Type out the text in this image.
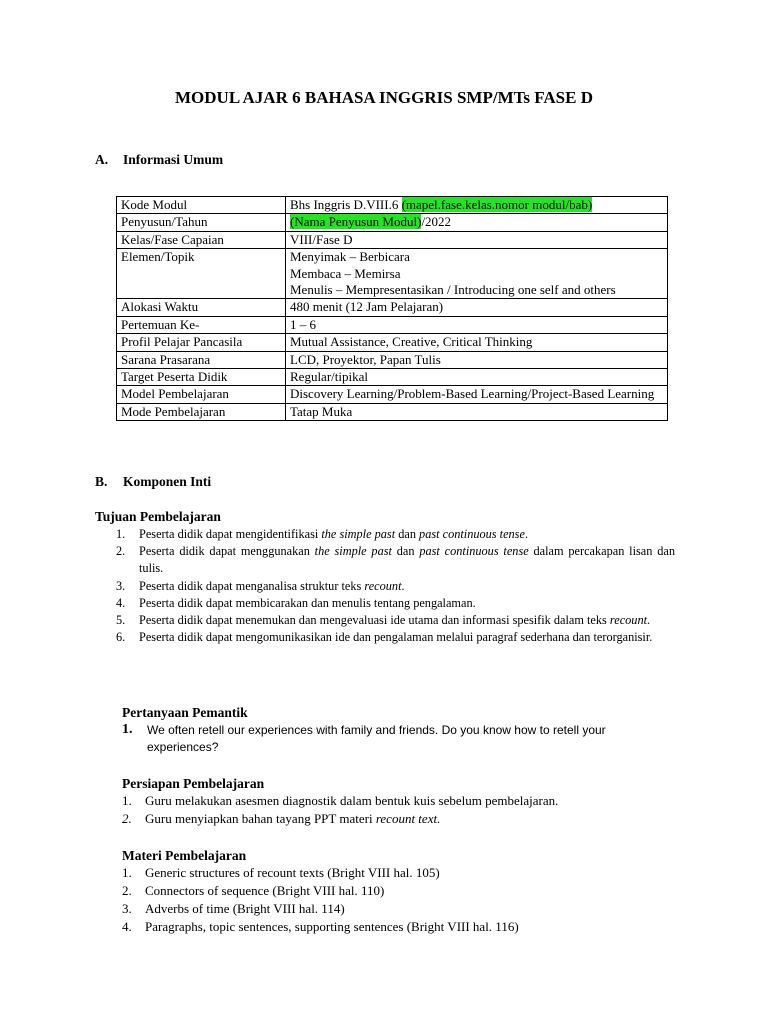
MODUL AJAR 6 BAHASA INGGRIS SMP/MTs FASE D
A. Informasi Umum
Kode Modul	Bhs Inggris D.VIII.6 (mapel.fase.kelas.nomor modul/bab)
Penyusun/Tahun	(Nama Penyusun Modul)/2022
Kelas/Fase Capaian	VIII/Fase D
Elemen/Topik	Menyimak – Berbicara
Membaca – Memirsa
Menulis – Mempresentasikan / Introducing one self and others

Alokasi Waktu	480 menit (12 Jam Pelajaran)
Pertemuan Ke-	1 – 6
Profil Pelajar Pancasila	Mutual Assistance, Creative, Critical Thinking
Sarana Prasarana	LCD, Proyektor, Papan Tulis
Target Peserta Didik	Regular/tipikal
Model Pembelajaran	Discovery Learning/Problem-Based Learning/Project-Based Learning
Mode Pembelajaran	Tatap Muka
B. Komponen Inti
Tujuan Pembelajaran
1. Peserta didik dapat mengidentifikasi the simple past dan past continuous tense.
2. Peserta didik dapat menggunakan the simple past dan past continuous tense dalam percakapan lisan dan tulis.
3. Peserta didik dapat menganalisa struktur teks recount.
4. Peserta didik dapat membicarakan dan menulis tentang pengalaman.
5. Peserta didik dapat menemukan dan mengevaluasi ide utama dan informasi spesifik dalam teks recount.
6. Peserta didik dapat mengomunikasikan ide dan pengalaman melalui paragraf sederhana dan terorganisir.
Pertanyaan Pemantik
1. We often retell our experiences with family and friends. Do you know how to retell your experiences?
Persiapan Pembelajaran
1. Guru melakukan asesmen diagnostik dalam bentuk kuis sebelum pembelajaran.
2. Guru menyiapkan bahan tayang PPT materi recount text.
Materi Pembelajaran
1. Generic structures of recount texts (Bright VIII hal. 105)
2. Connectors of sequence (Bright VIII hal. 110)
3. Adverbs of time (Bright VIII hal. 114)
4. Paragraphs, topic sentences, supporting sentences (Bright VIII hal. 116)
